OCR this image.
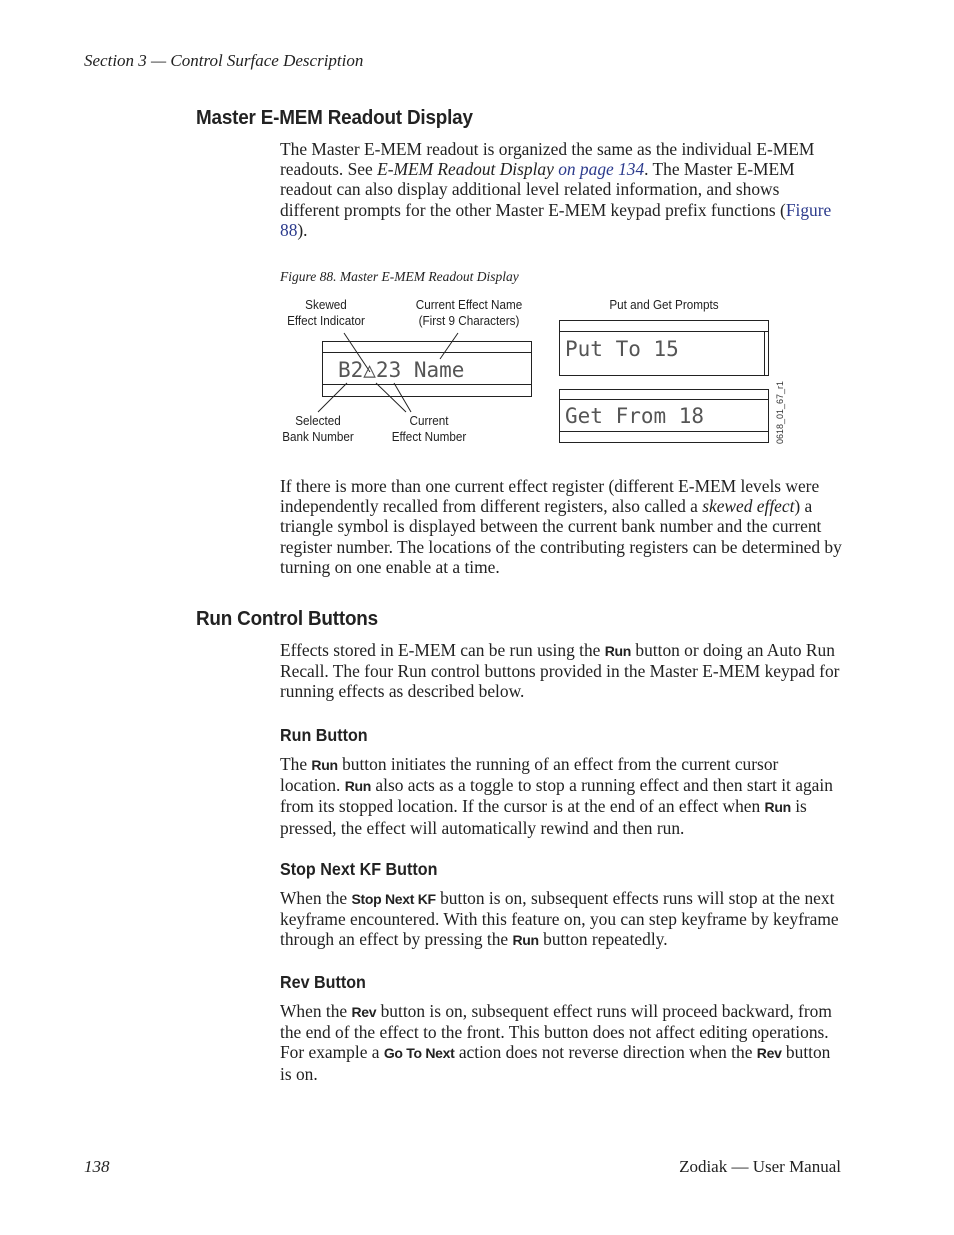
Section 3 — Control Surface Description
Master E-MEM Readout Display

The Master E-MEM readout is organized the same as the individual E-MEM readouts. See E-MEM Readout Display on page 134. The Master E-MEM readout can also display additional level related information, and shows different prompts for the other Master E-MEM keypad prefix functions (Figure 88).

Figure 88. Master E-MEM Readout Display
B2△23 Name
Put To 15
Get From 18	0618_01_67_r1
Skewed
Effect Indicator
Current Effect Name
(First 9 Characters)
Put and Get Prompts
Selected
Bank Number
Current
Effect Number

If there is more than one current effect register (different E-MEM levels were independently recalled from different registers, also called a skewed effect) a triangle symbol is displayed between the current bank number and the current register number. The locations of the contributing registers can be determined by turning on one enable at a time.

Run Control Buttons

Effects stored in E-MEM can be run using the Run button or doing an Auto Run Recall. The four Run control buttons provided in the Master E-MEM keypad for running effects as described below.

Run Button

The Run button initiates the running of an effect from the current cursor location. Run also acts as a toggle to stop a running effect and then start it again from its stopped location. If the cursor is at the end of an effect when Run is pressed, the effect will automatically rewind and then run.

Stop Next KF Button

When the Stop Next KF button is on, subsequent effects runs will stop at the next keyframe encountered. With this feature on, you can step keyframe by keyframe through an effect by pressing the Run button repeatedly.

Rev Button

When the Rev button is on, subsequent effect runs will proceed backward, from the end of the effect to the front. This button does not affect editing operations. For example a Go To Next action does not reverse direction when the Rev button is on.

138	Zodiak — User Manual
